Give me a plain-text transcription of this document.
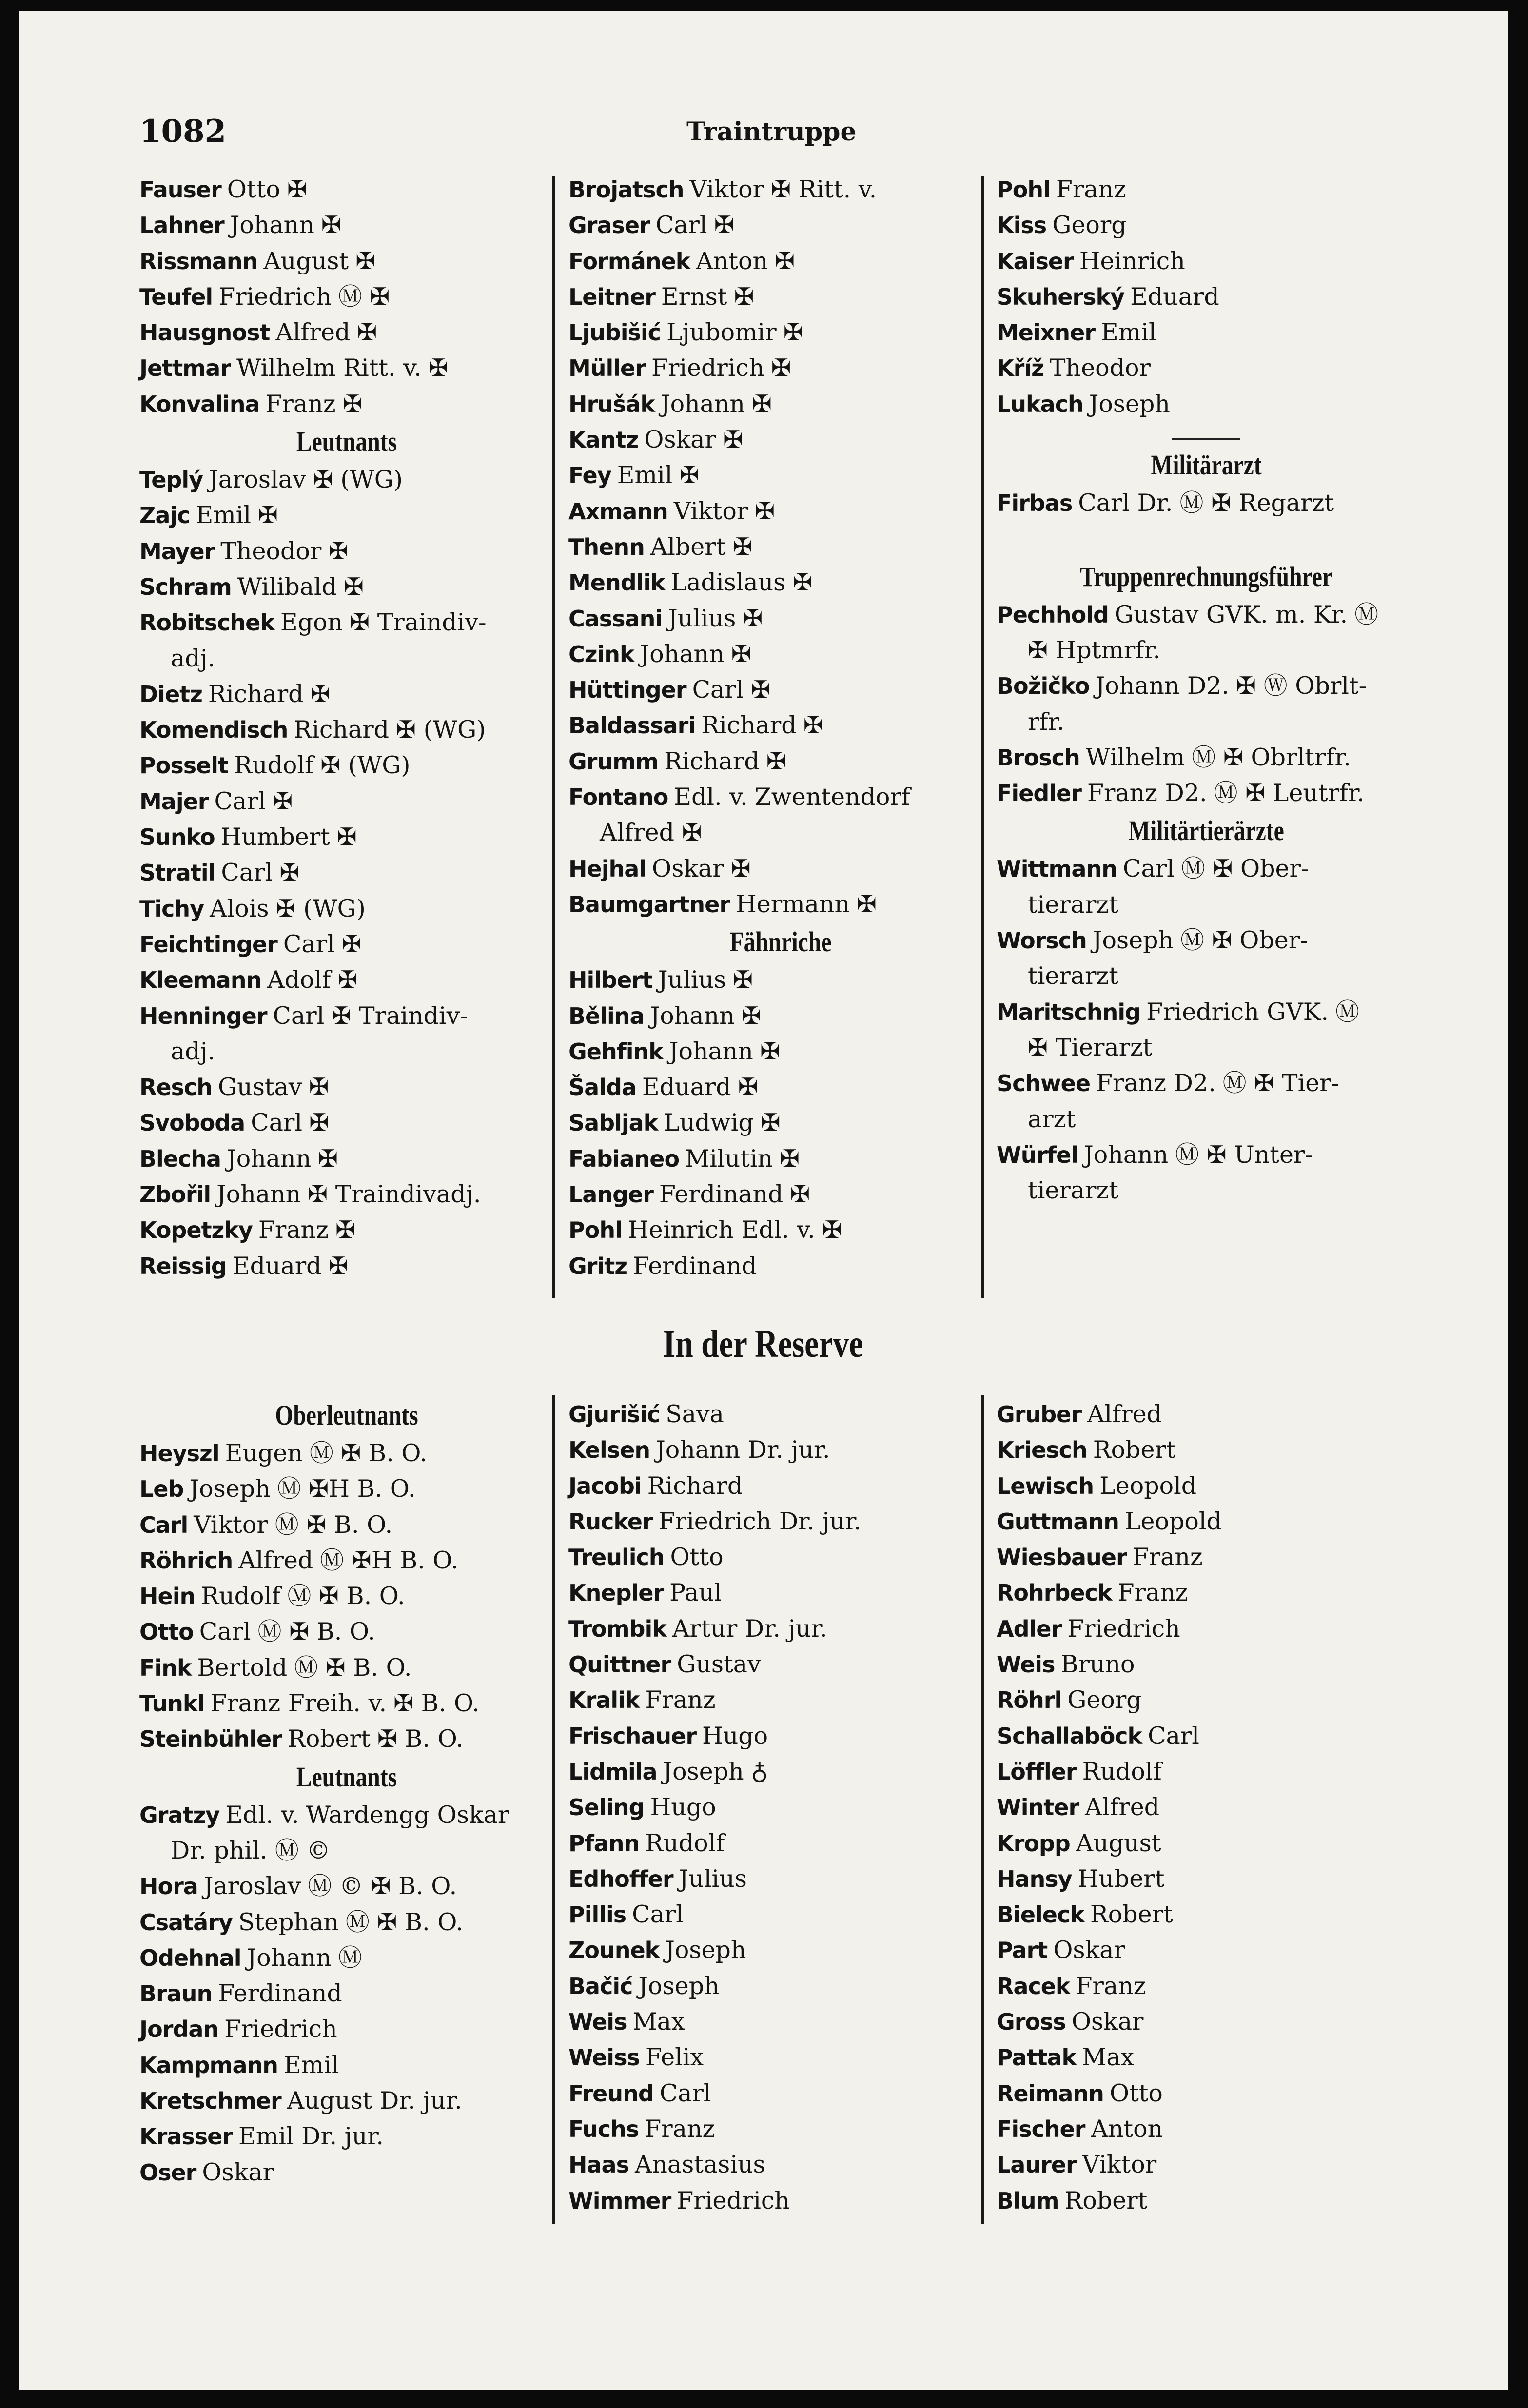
1082	Traintruppe
Fauser Otto ✠
Lahner Johann ✠
Rissmann August ✠
Teufel Friedrich Ⓜ ✠
Hausgnost Alfred ✠
Jettmar Wilhelm Ritt. v. ✠
Konvalina Franz ✠
Leutnants
Teplý Jaroslav ✠ (WG)
Zajc Emil ✠
Mayer Theodor ✠
Schram Wilibald ✠
Robitschek Egon ✠ Traindiv-
adj.
Dietz Richard ✠
Komendisch Richard ✠ (WG)
Posselt Rudolf ✠ (WG)
Majer Carl ✠
Sunko Humbert ✠
Stratil Carl ✠
Tichy Alois ✠ (WG)
Feichtinger Carl ✠
Kleemann Adolf ✠
Henninger Carl ✠ Traindiv-
adj.
Resch Gustav ✠
Svoboda Carl ✠
Blecha Johann ✠
Zbořil Johann ✠ Traindivadj.
Kopetzky Franz ✠
Reissig Eduard ✠
Brojatsch Viktor ✠ Ritt. v.
Graser Carl ✠
Formánek Anton ✠
Leitner Ernst ✠
Ljubišić Ljubomir ✠
Müller Friedrich ✠
Hrušák Johann ✠
Kantz Oskar ✠
Fey Emil ✠
Axmann Viktor ✠
Thenn Albert ✠
Mendlik Ladislaus ✠
Cassani Julius ✠
Czink Johann ✠
Hüttinger Carl ✠
Baldassari Richard ✠
Grumm Richard ✠
Fontano Edl. v. Zwentendorf
Alfred ✠
Hejhal Oskar ✠
Baumgartner Hermann ✠
Fähnriche
Hilbert Julius ✠
Bělina Johann ✠
Gehfink Johann ✠
Šalda Eduard ✠
Sabljak Ludwig ✠
Fabianeo Milutin ✠
Langer Ferdinand ✠
Pohl Heinrich Edl. v. ✠
Gritz Ferdinand
Pohl Franz
Kiss Georg
Kaiser Heinrich
Skuherský Eduard
Meixner Emil
Kříž Theodor
Lukach Joseph
Militärarzt
Firbas Carl Dr. Ⓜ ✠ Regarzt
Truppenrechnungsführer
Pechhold Gustav GVK. m. Kr. Ⓜ
✠ Hptmrfr.
Božičko Johann D2. ✠ Ⓦ Obrlt-
rfr.
Brosch Wilhelm Ⓜ ✠ Obrltrfr.
Fiedler Franz D2. Ⓜ ✠ Leutrfr.
Militärtierärzte
Wittmann Carl Ⓜ ✠ Ober-
tierarzt
Worsch Joseph Ⓜ ✠ Ober-
tierarzt
Maritschnig Friedrich GVK. Ⓜ
✠ Tierarzt
Schwee Franz D2. Ⓜ ✠ Tier-
arzt
Würfel Johann Ⓜ ✠ Unter-
tierarzt
In der Reserve
Oberleutnants
Heyszl Eugen Ⓜ ✠ B. O.
Leb Joseph Ⓜ ✠H B. O.
Carl Viktor Ⓜ ✠ B. O.
Röhrich Alfred Ⓜ ✠H B. O.
Hein Rudolf Ⓜ ✠ B. O.
Otto Carl Ⓜ ✠ B. O.
Fink Bertold Ⓜ ✠ B. O.
Tunkl Franz Freih. v. ✠ B. O.
Steinbühler Robert ✠ B. O.
Leutnants
Gratzy Edl. v. Wardengg Oskar
Dr. phil. Ⓜ ©
Hora Jaroslav Ⓜ © ✠ B. O.
Csatáry Stephan Ⓜ ✠ B. O.
Odehnal Johann Ⓜ
Braun Ferdinand
Jordan Friedrich
Kampmann Emil
Kretschmer August Dr. jur.
Krasser Emil Dr. jur.
Oser Oskar
Gjurišić Sava
Kelsen Johann Dr. jur.
Jacobi Richard
Rucker Friedrich Dr. jur.
Treulich Otto
Knepler Paul
Trombik Artur Dr. jur.
Quittner Gustav
Kralik Franz
Frischauer Hugo
Lidmila Joseph ♁
Seling Hugo
Pfann Rudolf
Edhoffer Julius
Pillis Carl
Zounek Joseph
Bačić Joseph
Weis Max
Weiss Felix
Freund Carl
Fuchs Franz
Haas Anastasius
Wimmer Friedrich
Gruber Alfred
Kriesch Robert
Lewisch Leopold
Guttmann Leopold
Wiesbauer Franz
Rohrbeck Franz
Adler Friedrich
Weis Bruno
Röhrl Georg
Schallaböck Carl
Löffler Rudolf
Winter Alfred
Kropp August
Hansy Hubert
Bieleck Robert
Part Oskar
Racek Franz
Gross Oskar
Pattak Max
Reimann Otto
Fischer Anton
Laurer Viktor
Blum Robert
